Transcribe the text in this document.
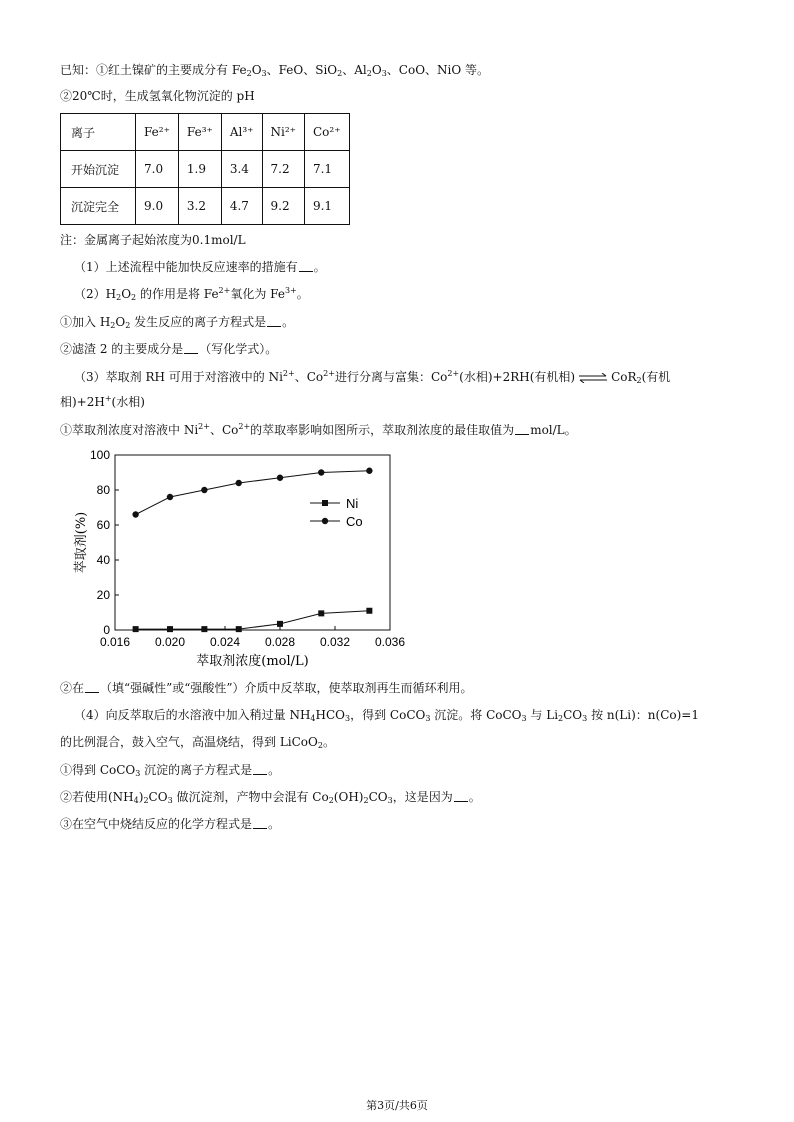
已知：①红土镍矿的主要成分有 $Fe_2O_3$、FeO、SiO$_2$、$Al_2O_3$、CoO、NiO 等。
②20℃时，生成氢氧化物沉淀的 pH
离子	Fe²⁺	Fe³⁺	Al³⁺	Ni²⁺	Co²⁺
开始沉淀	7.0	1.9	3.4	7.2	7.1
沉淀完全	9.0	3.2	4.7	9.2	9.1
注：金属离子起始浓度为0.1mol/L
（1）上述流程中能加快反应速率的措施有 。
$(2)H_2O_2$ 的作用是将 $Fe^{2+}$氧化为 $Fe^{3+}$。
①加入 $H_2O_2$ 发生反应的离子方程式是 。
②滤渣 2 的主要成分是 （写化学式）。
（3）萃取剂 RH 可用于对溶液中的 $Ni^{2+}$、$Co^{2+}$进行分离与富集：$Co^{2+}$(水相)+2RH(有机相) ⇌ CoR$_2$(有机
相)+2H+(水相)
①萃取剂浓度对溶液中 $Ni^{2+}$、$Co^{2+}$的萃取率影响如图所示，萃取剂浓度的最佳取值为 mol/L。
0
20
40
60
80
100
0.016 0.020 0.024 0.028 0.032 0.036
萃取剂浓度(mol/L)
萃取剂(%)
Ni
Co
②在 （填“强碱性”或“强酸性”）介质中反萃取，使萃取剂再生而循环利用。
（4）向反萃取后的水溶液中加入稍过量 $NH_4HCO_3$，得到 CoCO$_3$ 沉淀。将 CoCO$_3$ 与 $Li_2CO_3$ 按 n(Li)：n(Co)=1
的比例混合，鼓入空气，高温烧结，得到 LiCoO$_2$。
①得到 CoCO$_3$ 沉淀的离子方程式是 。
②若使用$(NH_4)_2CO_3$ 做沉淀剂，产物中会混有 $Co_2(OH)_2CO_3$，这是因为 。
③在空气中烧结反应的化学方程式是 。
第3页/共6页
